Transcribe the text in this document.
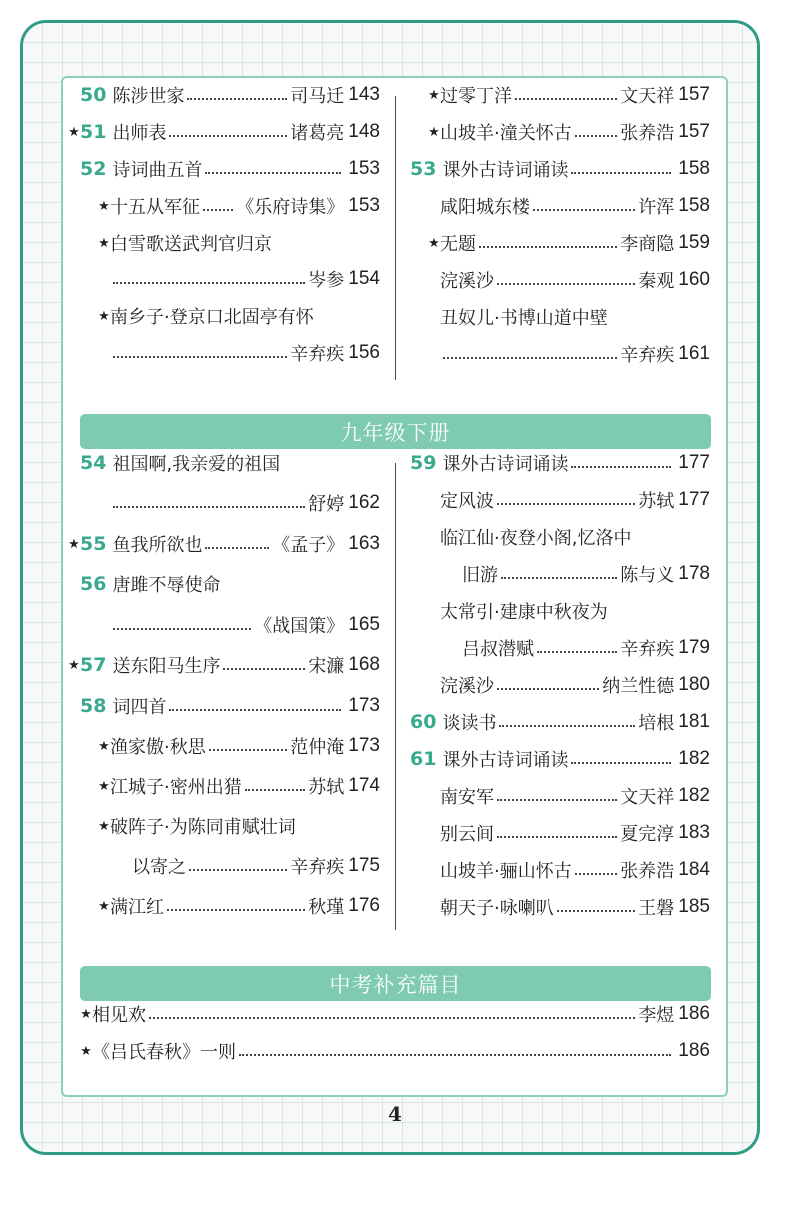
九年级下册
中考补充篇目
50 陈涉世家	司马迁 143
★ 51 出师表	诸葛亮 148
52 诗词曲五首	153
★ 十五从军征 《乐府诗集》 153
★ 白雪歌送武判官归京
岑参 154
★ 南乡子·登京口北固亭有怀
辛弃疾 156
★ 过零丁洋	文天祥 157
★ 山坡羊·潼关怀古	张养浩 157
53 课外古诗词诵读	158
咸阳城东楼	许浑 158
★ 无题	李商隐 159
浣溪沙	秦观 160
丑奴儿·书博山道中壁
辛弃疾 161
54 祖国啊,我亲爱的祖国
舒婷 162
★ 55 鱼我所欲也	《孟子》 163
56 唐雎不辱使命
《战国策》 165
★ 57 送东阳马生序	宋濂 168
58 词四首	173
★ 渔家傲·秋思	范仲淹 173
★ 江城子·密州出猎	苏轼 174
★ 破阵子·为陈同甫赋壮词
以寄之	辛弃疾 175
★ 满江红	秋瑾 176
59 课外古诗词诵读	177
定风波	苏轼 177
临江仙·夜登小阁,忆洛中
旧游	陈与义 178
太常引·建康中秋夜为
吕叔潜赋	辛弃疾 179
浣溪沙	纳兰性德 180
60 谈读书	培根 181
61 课外古诗词诵读	182
南安军	文天祥 182
别云间	夏完淳 183
山坡羊·骊山怀古	张养浩 184
朝天子·咏喇叭	王磐 185
★ 相见欢	李煜 186
★ 《吕氏春秋》一则	186
4
